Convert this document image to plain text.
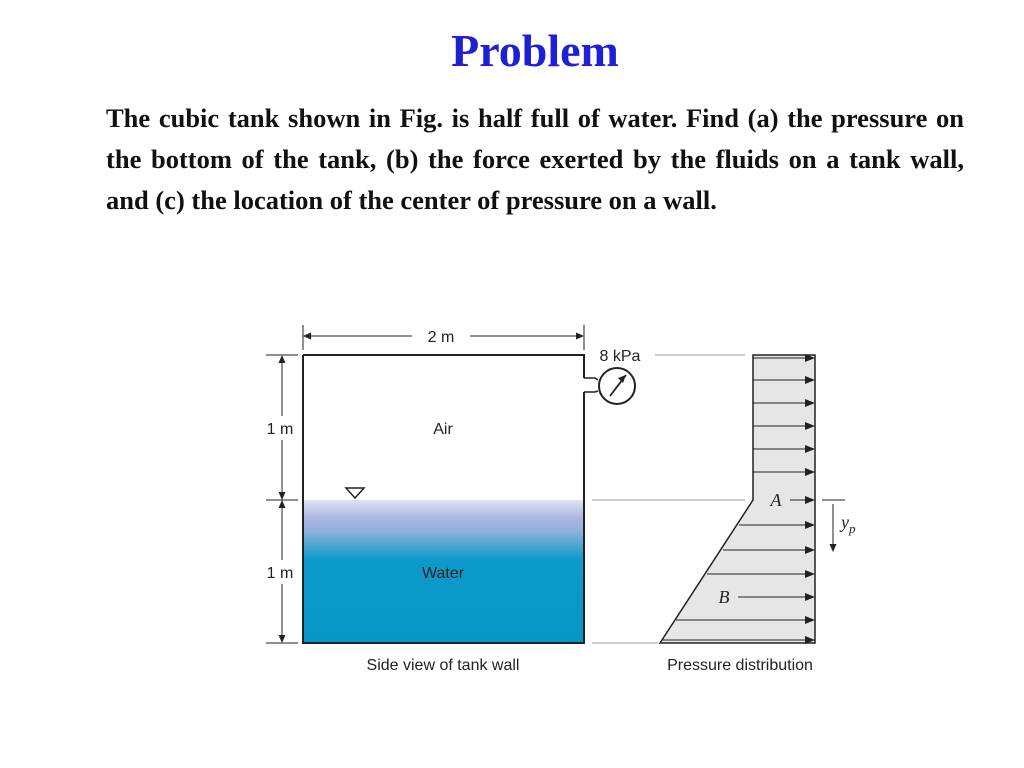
Problem

The cubic tank shown in Fig. is half full of water. Find (a) the pressure on the bottom of the tank, (b) the force exerted by the fluids on a tank wall, and (c) the location of the center of pressure on a wall.

2 m
1 m
1 m
Air
Water
A
B
$y_p$
8 kPa
Side view of tank wall	Pressure distribution
